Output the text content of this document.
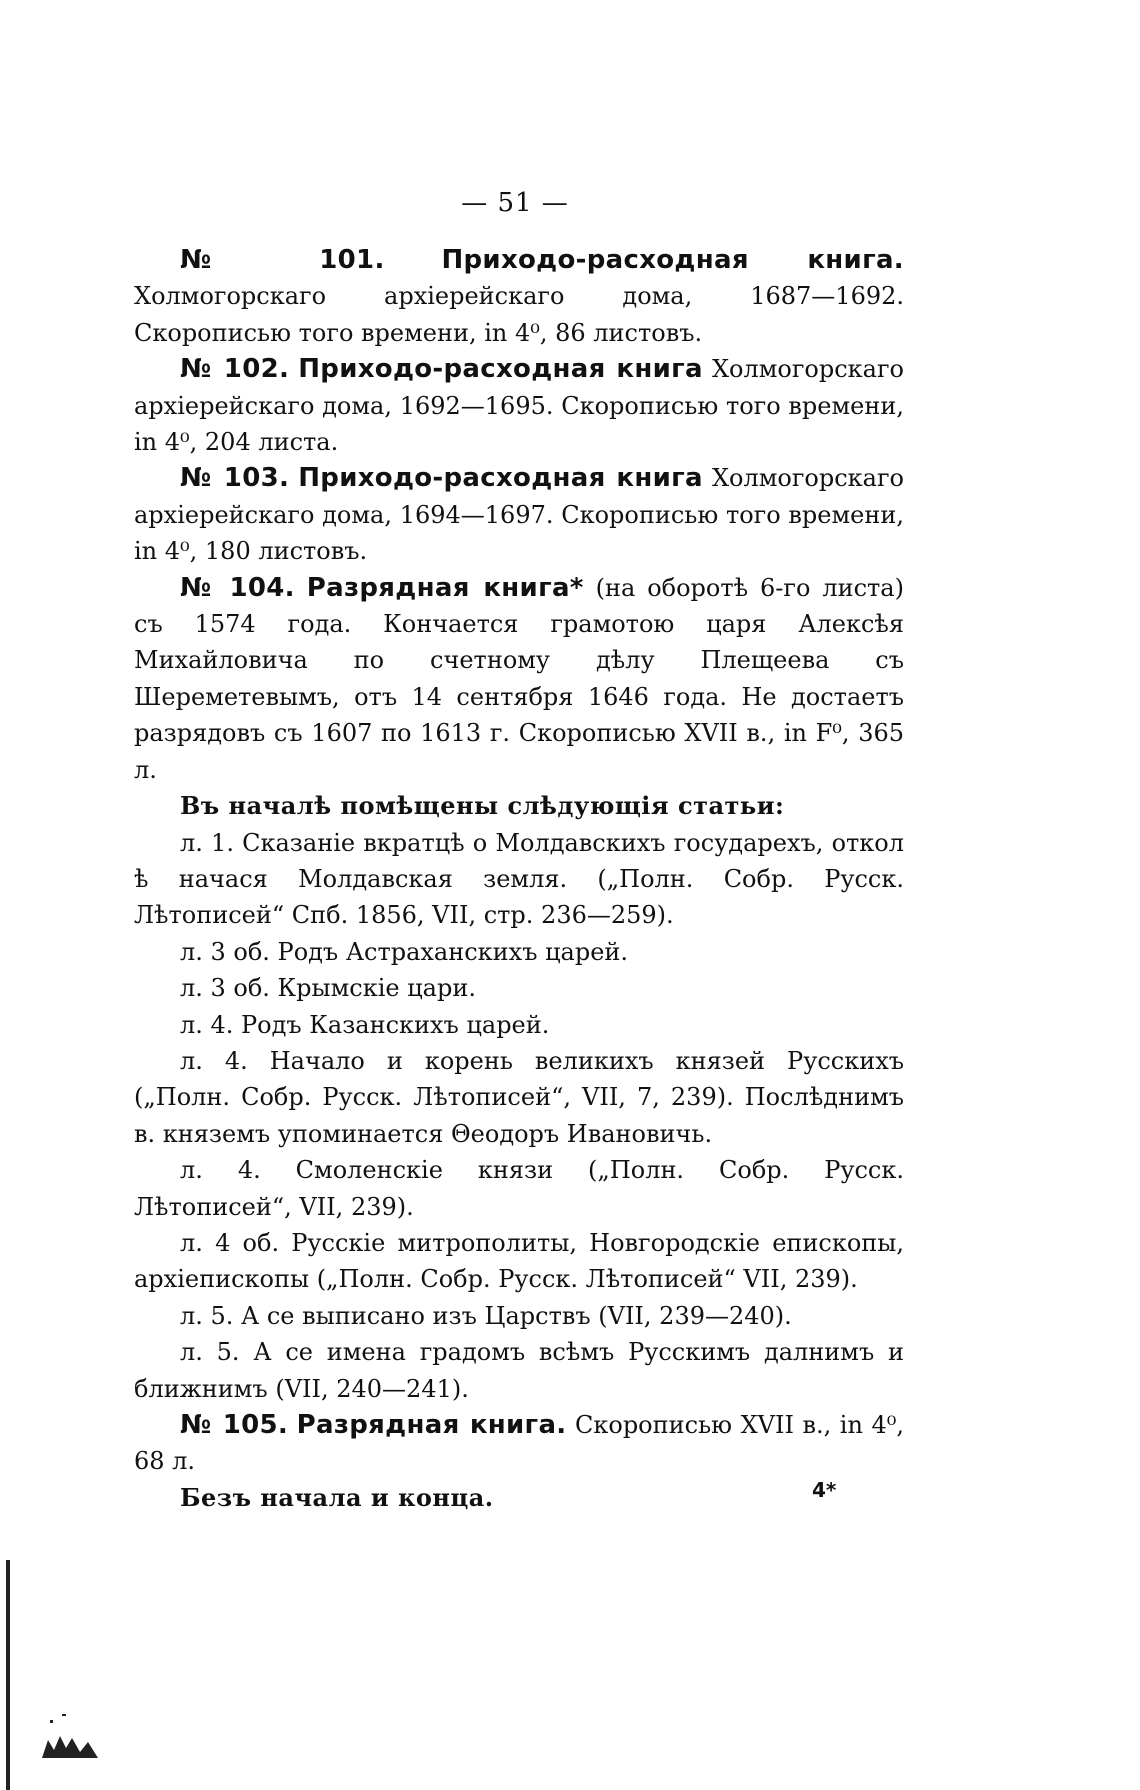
— 51 —

№ 101. Приходо-расходная книга. Холмогорскаго архіерейскаго дома, 1687—1692. Скорописью того времени, in 4⁰, 86 листовъ.

№ 102. Приходо-расходная книга Холмогорскаго архіерейскаго дома, 1692—1695. Скорописью того времени, in 4⁰, 204 листа.

№ 103. Приходо-расходная книга Холмогорскаго архіерейскаго дома, 1694—1697. Скорописью того времени, in 4⁰, 180 листовъ.

№ 104. Разрядная книга* (на оборотѣ 6-го листа) съ 1574 года. Кончается грамотою царя Алексѣя Михайловича по счетному дѣлу Плещеева съ Шереметевымъ, отъ 14 сентября 1646 года. Не достаетъ разрядовъ съ 1607 по 1613 г. Скорописью XVII в., in F⁰, 365 л.

Въ началѣ помѣщены слѣдующія статьи:

л. 1. Сказаніе вкратцѣ о Молдавскихъ государехъ, откол​ѣ начася Молдавская земля. („Полн. Собр. Русск. Лѣтописей“ Спб. 1856, VII, стр. 236—259).

л. 3 об. Родъ Астраханскихъ царей.

л. 3 об. Крымскіе цари.

л. 4. Родъ Казанскихъ царей.

л. 4. Начало и корень великихъ князей Русскихъ („Полн. Собр. Русск. Лѣтописей“, VII, 7, 239). Послѣднимъ в. княземъ упоминается Θеодоръ Ивановичь.

л. 4. Смоленскіе князи („Полн. Собр. Русск. Лѣтописей“, VII, 239).

л. 4 об. Русскіе митрополиты, Новгородскіе епископы, архіепископы („Полн. Собр. Русск. Лѣтописей“ VII, 239).

л. 5. А се выписано изъ Царствъ (VII, 239—240).

л. 5. А се имена градомъ всѣмъ Русскимъ далнимъ и ближнимъ (VII, 240—241).

№ 105. Разрядная книга. Скорописью XVII в., in 4⁰, 68 л.

Безъ начала и конца.	4*
